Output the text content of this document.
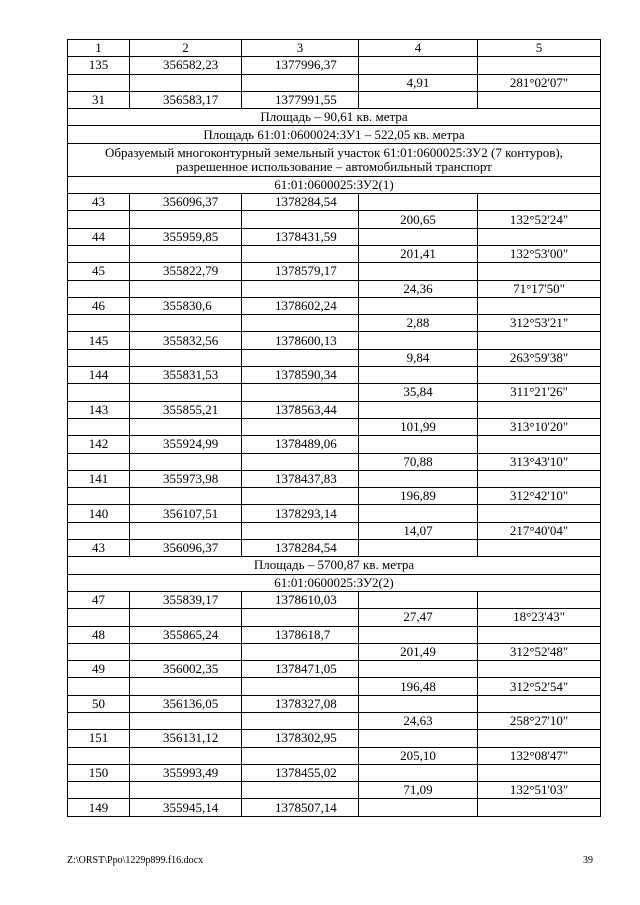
1	2	3	4	5
135	356582,23	1377996,37		
			4,91	281°02'07"
31	356583,17	1377991,55		
Площадь – 90,61 кв. метра				
Площадь 61:01:0600024:ЗУ1 – 522,05 кв. метра				
Образуемый многоконтурный земельный участок 61:01:0600025:ЗУ2 (7 контуров), разрешенное использование – автомобильный транспорт				
61:01:0600025:ЗУ2(1)				
43	356096,37	1378284,54		
			200,65	132°52'24"
44	355959,85	1378431,59		
			201,41	132°53'00"
45	355822,79	1378579,17		
			24,36	71°17'50"
46	355830,6	1378602,24		
			2,88	312°53'21"
145	355832,56	1378600,13		
			9,84	263°59'38"
144	355831,53	1378590,34		
			35,84	311°21'26"
143	355855,21	1378563,44		
			101,99	313°10'20"
142	355924,99	1378489,06		
			70,88	313°43'10"
141	355973,98	1378437,83		
			196,89	312°42'10"
140	356107,51	1378293,14		
			14,07	217°40'04"
43	356096,37	1378284,54		
Площадь – 5700,87 кв. метра				
61:01:0600025:ЗУ2(2)				
47	355839,17	1378610,03		
			27,47	18°23'43"
48	355865,24	1378618,7		
			201,49	312°52'48"
49	356002,35	1378471,05		
			196,48	312°52'54"
50	356136,05	1378327,08		
			24,63	258°27'10"
151	356131,12	1378302,95		
			205,10	132°08'47"
150	355993,49	1378455,02		
			71,09	132°51'03"
149	355945,14	1378507,14		
Z:\ORST\Ppo\1229p899.f16.docx	39
